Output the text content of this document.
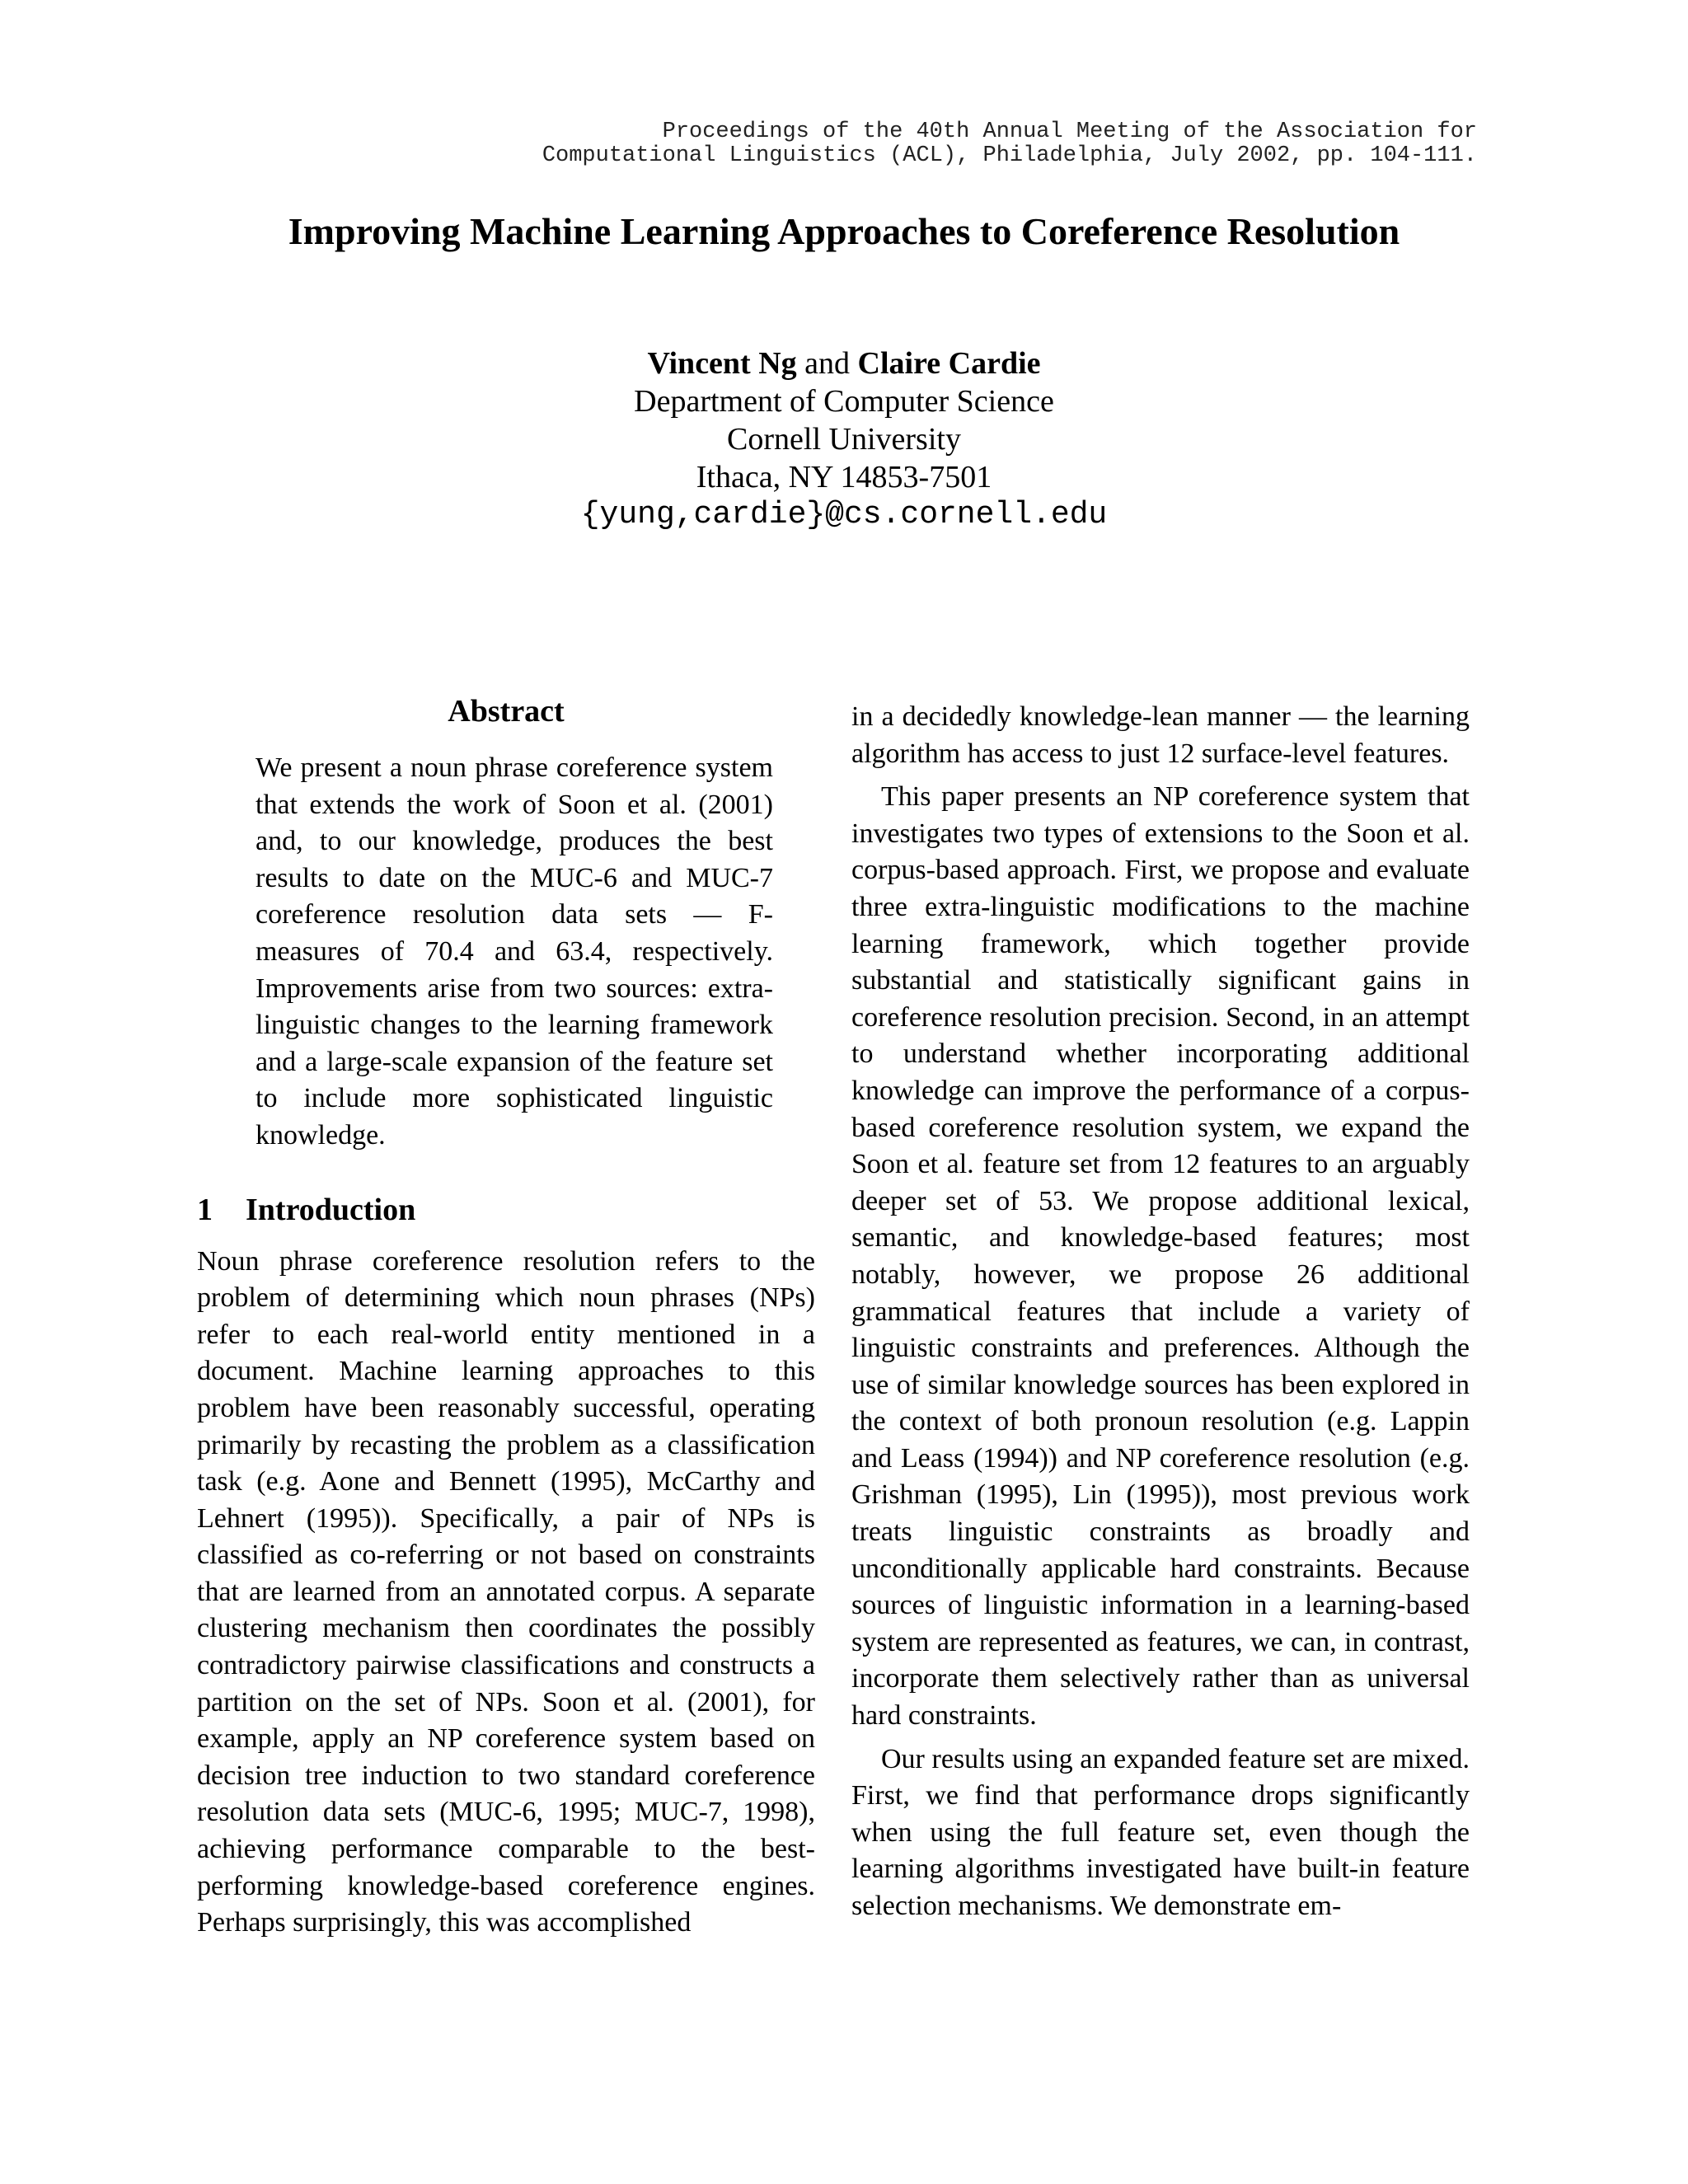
Proceedings of the 40th Annual Meeting of the Association for
Computational Linguistics (ACL), Philadelphia, July 2002, pp. 104-111.
Improving Machine Learning Approaches to Coreference Resolution
Vincent Ng and Claire Cardie
Department of Computer Science
Cornell University
Ithaca, NY 14853-7501
{yung,cardie}@cs.cornell.edu
Abstract
We present a noun phrase coreference system that extends the work of Soon et al. (2001) and, to our knowledge, produces the best results to date on the MUC-6 and MUC-7 coreference resolution data sets — F-measures of 70.4 and 63.4, respectively. Improvements arise from two sources: extra-linguistic changes to the learning framework and a large-scale expansion of the feature set to include more sophisticated linguistic knowledge.
1 Introduction

Noun phrase coreference resolution refers to the problem of determining which noun phrases (NPs) refer to each real-world entity mentioned in a document. Machine learning approaches to this problem have been reasonably successful, operating primarily by recasting the problem as a classification task (e.g. Aone and Bennett (1995), McCarthy and Lehnert (1995)). Specifically, a pair of NPs is classified as co-referring or not based on constraints that are learned from an annotated corpus. A separate clustering mechanism then coordinates the possibly contradictory pairwise classifications and constructs a partition on the set of NPs. Soon et al. (2001), for example, apply an NP coreference system based on decision tree induction to two standard coreference resolution data sets (MUC-6, 1995; MUC-7, 1998), achieving performance comparable to the best-performing knowledge-based coreference engines. Perhaps surprisingly, this was accomplished

in a decidedly knowledge-lean manner — the learning algorithm has access to just 12 surface-level features.

This paper presents an NP coreference system that investigates two types of extensions to the Soon et al. corpus-based approach. First, we propose and evaluate three extra-linguistic modifications to the machine learning framework, which together provide substantial and statistically significant gains in coreference resolution precision. Second, in an attempt to understand whether incorporating additional knowledge can improve the performance of a corpus-based coreference resolution system, we expand the Soon et al. feature set from 12 features to an arguably deeper set of 53. We propose additional lexical, semantic, and knowledge-based features; most notably, however, we propose 26 additional grammatical features that include a variety of linguistic constraints and preferences. Although the use of similar knowledge sources has been explored in the context of both pronoun resolution (e.g. Lappin and Leass (1994)) and NP coreference resolution (e.g. Grishman (1995), Lin (1995)), most previous work treats linguistic constraints as broadly and unconditionally applicable hard constraints. Because sources of linguistic information in a learning-based system are represented as features, we can, in contrast, incorporate them selectively rather than as universal hard constraints.

Our results using an expanded feature set are mixed. First, we find that performance drops significantly when using the full feature set, even though the learning algorithms investigated have built-in feature selection mechanisms. We demonstrate em-
